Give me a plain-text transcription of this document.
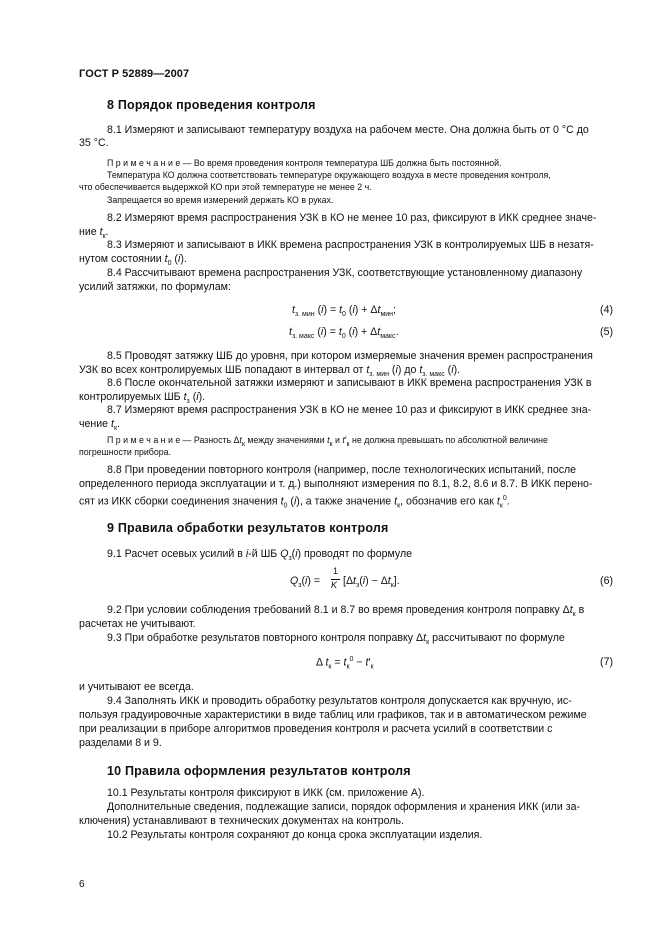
ГОСТ Р 52889—2007
8 Порядок проведения контроля
8.1 Измеряют и записывают температуру воздуха на рабочем месте. Она должна быть от 0 °С до
35 °С.
П р и м е ч а н и е — Во время проведения контроля температура ШБ должна быть постоянной.
Температура КО должна соответствовать температуре окружающего воздуха в месте проведения контроля,
что обеспечивается выдержкой КО при этой температуре не менее 2 ч.
Запрещается во время измерений держать КО в руках.
8.2 Измеряют время распространения УЗК в КО не менее 10 раз, фиксируют в ИКК среднее значе-
ние $t_к$.
8.3 Измеряют и записывают в ИКК времена распространения УЗК в контролируемых ШБ в незатя-
нутом состоянии $t_0$ (i).
8.4 Рассчитывают времена распространения УЗК, соответствующие установленному диапазону
усилий затяжки, по формулам:
$t_{з. мин}$ $(i) = t_0$ $(i) + \Delta t_{мин}$;	(4)
$t_{з. макс}$ $(i) = t_0$ $(i) + \Delta t_{макс}$.	(5)
8.5 Проводят затяжку ШБ до уровня, при котором измеряемые значения времен распространения
УЗК во всех контролируемых ШБ попадают в интервал от $t_{з. мин}$ (i) до $t_{з. макс}$ (i).
8.6 После окончательной затяжки измеряют и записывают в ИКК времена распространения УЗК в
контролируемых ШБ $t_з$ (i).
8.7 Измеряют время распространения УЗК в КО не менее 10 раз и фиксируют в ИКК среднее зна-
чение $t_к$.
П р и м е ч а н и е — Разность $\Delta t_к$ между значениями $t_к$ и $t'_к$ не должна превышать по абсолютной величине
погрешности прибора.
8.8 При проведении повторного контроля (например, после технологических испытаний, после
определенного периода эксплуатации и т. д.) выполняют измерения по 8.1, 8.2, 8.6 и 8.7. В ИКК перено-
сят из ИКК сборки соединения значения $t_0$ (i), а также значение $t_к$, обозначив его как $t_к^0$.
9 Правила обработки результатов контроля
9.1 Расчет осевых усилий в i-й ШБ $Q_з(i)$ проводят по формуле
$Q_з(i)$ =
1
K $[\Delta t_з(i) - \Delta t_к]$.	(6)
9.2 При условии соблюдения требований 8.1 и 8.7 во время проведения контроля поправку $\Delta t_к$ в
расчетах не учитывают.
9.3 При обработке результатов повторного контроля поправку $\Delta t_к$ рассчитывают по формуле
Δ $t_к = t_к^0 - t'_к$	(7)
и учитывают ее всегда.
9.4 Заполнять ИКК и проводить обработку результатов контроля допускается как вручную, ис-
пользуя градуировочные характеристики в виде таблиц или графиков, так и в автоматическом режиме
при реализации в приборе алгоритмов проведения контроля и расчета усилий в соответствии с
разделами 8 и 9.
10 Правила оформления результатов контроля
10.1 Результаты контроля фиксируют в ИКК (см. приложение А).
Дополнительные сведения, подлежащие записи, порядок оформления и хранения ИКК (или за-
ключения) устанавливают в технических документах на контроль.
10.2 Результаты контроля сохраняют до конца срока эксплуатации изделия.
6
